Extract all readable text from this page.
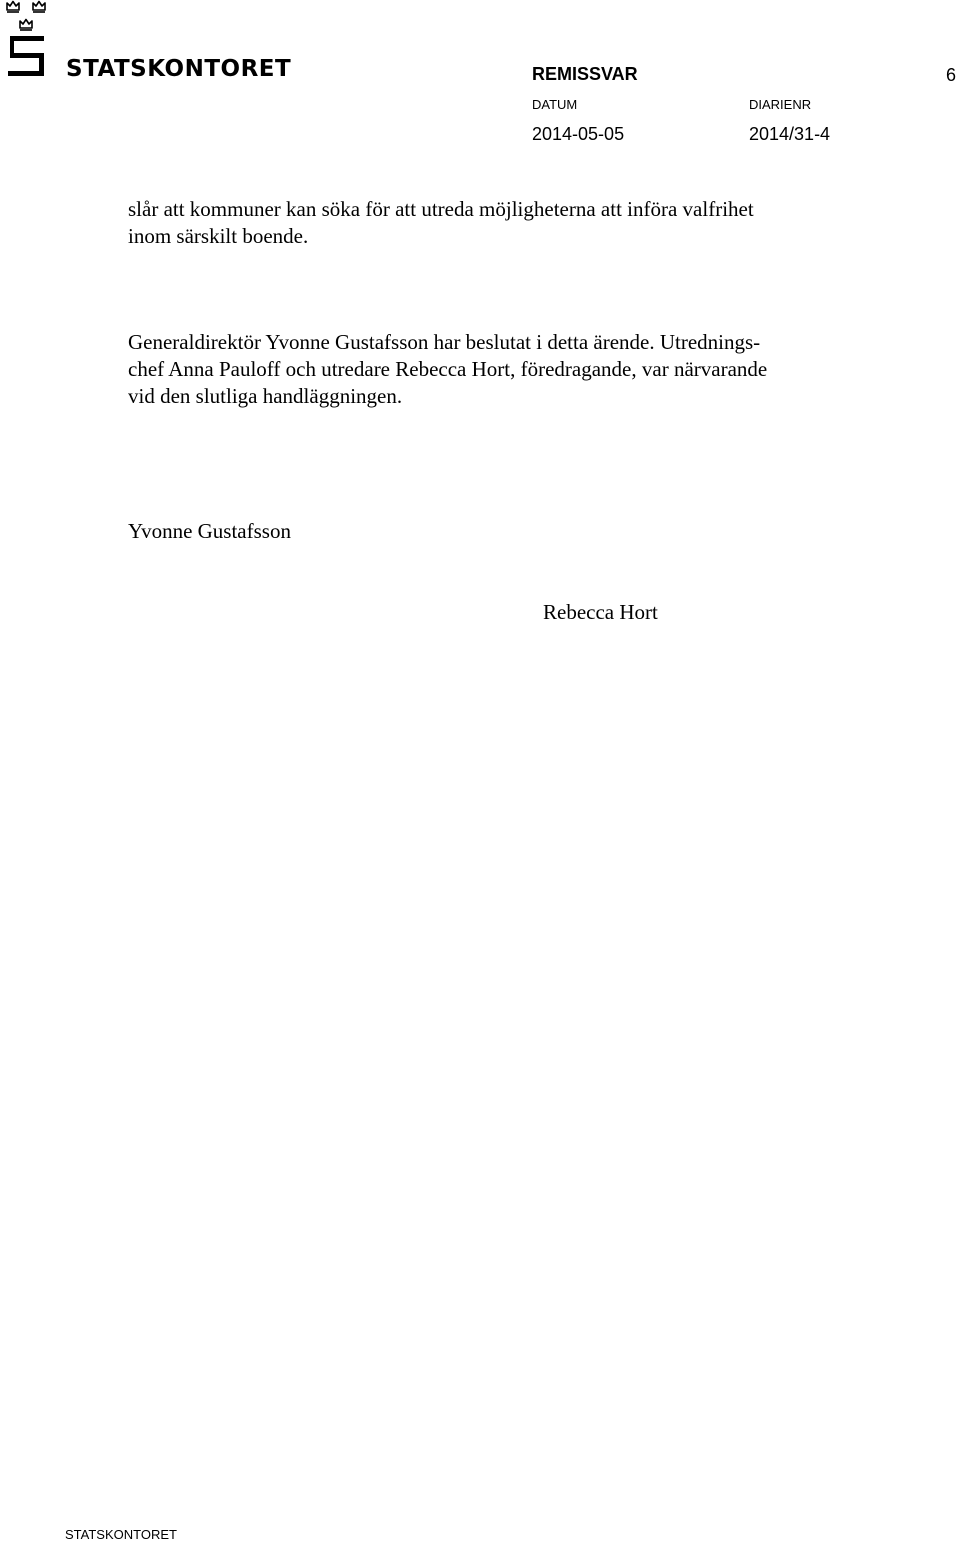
STATSKONTORET	REMISSVAR	6
DATUM	DIARIENR
2014-05-05	2014/31-4
slår att kommuner kan söka för att utreda möjligheterna att införa valfrihet
inom särskilt boende.
Generaldirektör Yvonne Gustafsson har beslutat i detta ärende. Utrednings-
chef Anna Pauloff och utredare Rebecca Hort, föredragande, var närvarande
vid den slutliga handläggningen.
Yvonne Gustafsson
Rebecca Hort
STATSKONTORET
